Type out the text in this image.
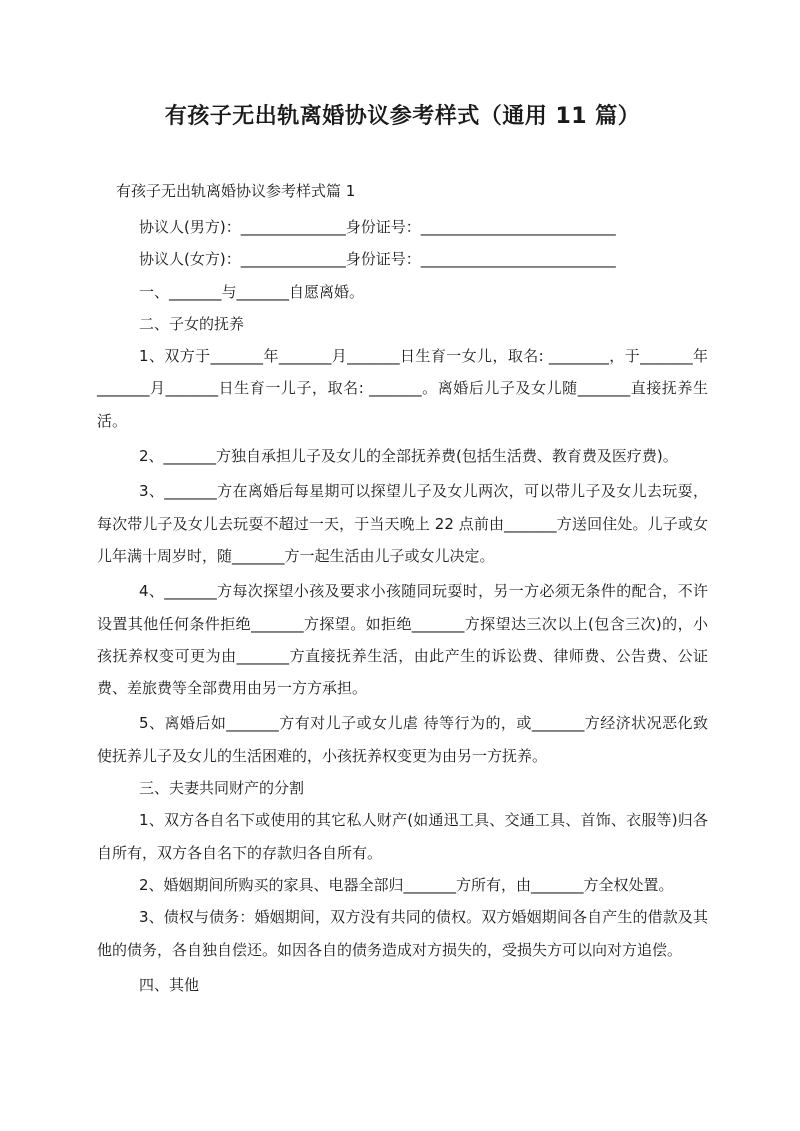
有孩子无出轨离婚协议参考样式（通用 11 篇）
有孩子无出轨离婚协议参考样式篇 1

协议人(男方)：______________身份证号：__________________________

协议人(女方)：______________身份证号：__________________________

一、_______与_______自愿离婚。

二、子女的抚养

1、双方于_______年_______月_______日生育一女儿，取名: ________，于_______年_______月_______日生育一儿子，取名: _______。离婚后儿子及女儿随_______直接抚养生活。

2、_______方独自承担儿子及女儿的全部抚养费(包括生活费、教育费及医疗费)。

3、_______方在离婚后每星期可以探望儿子及女儿两次，可以带儿子及女儿去玩耍，每次带儿子及女儿去玩耍不超过一天，于当天晚上 22 点前由_______方送回住处。儿子或女儿年满十周岁时，随_______方一起生活由儿子或女儿决定。

4、_______方每次探望小孩及要求小孩随同玩耍时，另一方必须无条件的配合，不许设置其他任何条件拒绝_______方探望。如拒绝_______方探望达三次以上(包含三次)的，小孩抚养权变可更为由_______方直接抚养生活，由此产生的诉讼费、律师费、公告费、公证费、差旅费等全部费用由另一方方承担。

5、离婚后如_______方有对儿子或女儿虐 待等行为的，或_______方经济状况恶化致使抚养儿子及女儿的生活困难的，小孩抚养权变更为由另一方抚养。

三、夫妻共同财产的分割

1、双方各自名下或使用的其它私人财产(如通迅工具、交通工具、首饰、衣服等)归各自所有，双方各自名下的存款归各自所有。

2、婚姻期间所购买的家具、电器全部归_______方所有，由_______方全权处置。

3、债权与债务：婚姻期间，双方没有共同的债权。双方婚姻期间各自产生的借款及其他的债务，各自独自偿还。如因各自的债务造成对方损失的，受损失方可以向对方追偿。

四、其他
